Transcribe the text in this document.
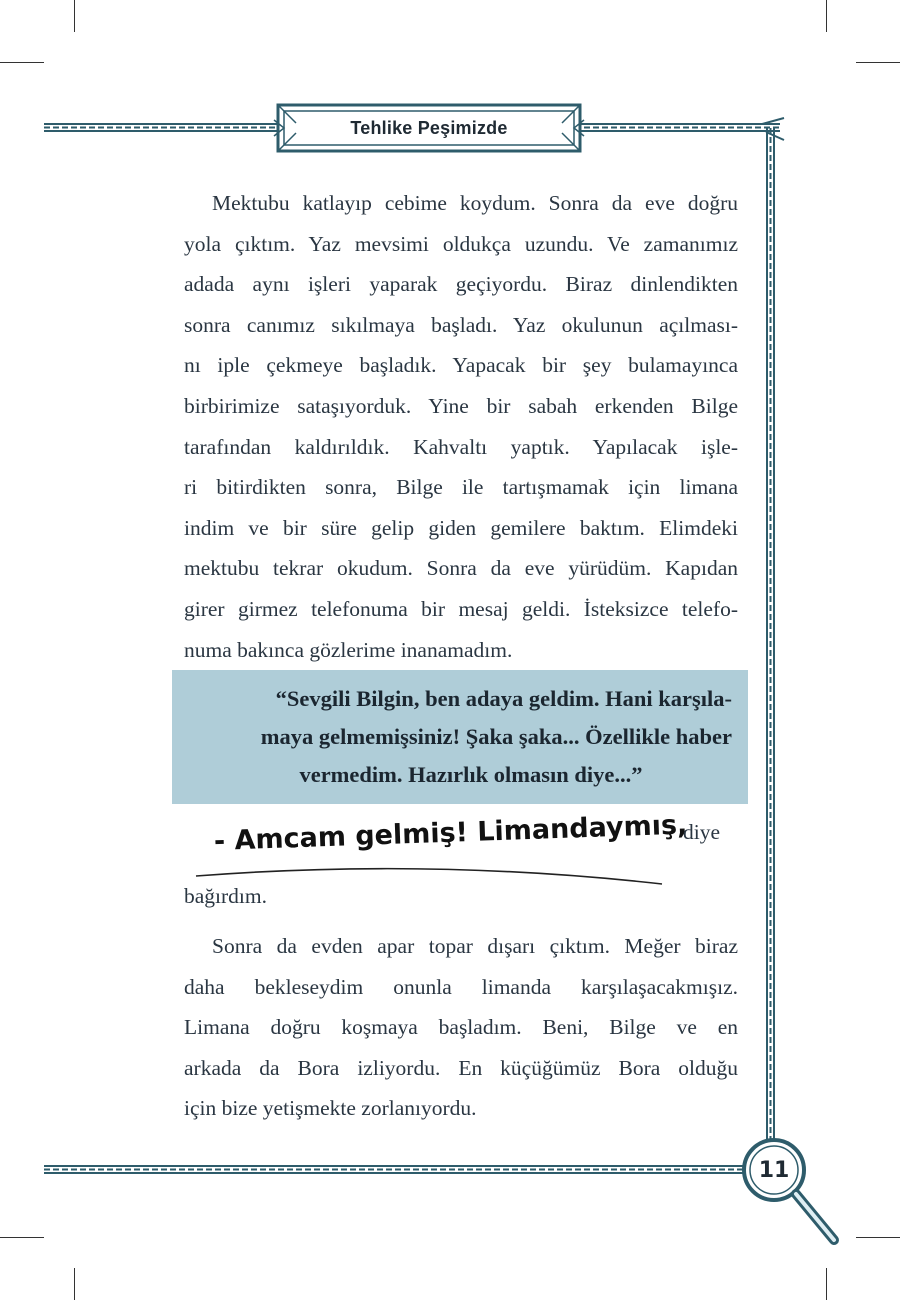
Tehlike Peşimizde
Mektubu katlayıp cebime koydum. Sonra da eve doğru
yola çıktım. Yaz mevsimi oldukça uzundu. Ve zamanımız
adada aynı işleri yaparak geçiyordu. Biraz dinlendikten
sonra canımız sıkılmaya başladı. Yaz okulunun açılması-
nı iple çekmeye başladık. Yapacak bir şey bulamayınca
birbirimize sataşıyorduk. Yine bir sabah erkenden Bilge
tarafından kaldırıldık. Kahvaltı yaptık. Yapılacak işle-
ri bitirdikten sonra, Bilge ile tartışmamak için limana
indim ve bir süre gelip giden gemilere baktım. Elimdeki
mektubu tekrar okudum. Sonra da eve yürüdüm. Kapıdan
girer girmez telefonuma bir mesaj geldi. İsteksizce telefo-
numa bakınca gözlerime inanamadım.
“Sevgili Bilgin, ben adaya geldim. Hani karşıla-
maya gelmemişsiniz! Şaka şaka... Özellikle haber
vermedim. Hazırlık olmasın diye...”
- Amcam gelmiş! Limandaymış,
diye
bağırdım.
Sonra da evden apar topar dışarı çıktım. Meğer biraz
daha bekleseydim onunla limanda karşılaşacakmışız.
Limana doğru koşmaya başladım. Beni, Bilge ve en
arkada da Bora izliyordu. En küçüğümüz Bora olduğu
için bize yetişmekte zorlanıyordu.
11
